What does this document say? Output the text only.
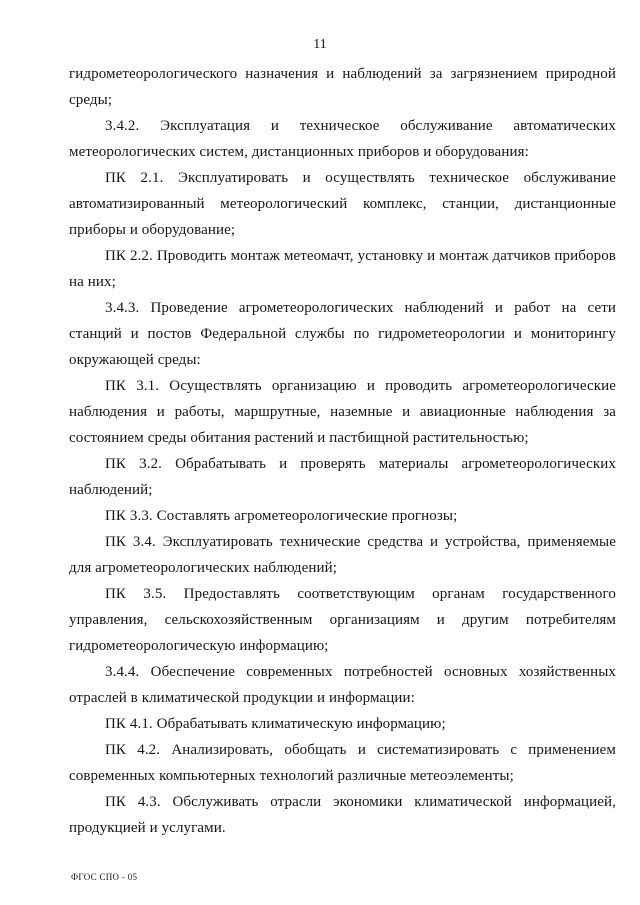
11

гидрометеорологического назначения и наблюдений за загрязнением природной среды;

3.4.2. Эксплуатация и техническое обслуживание автоматических метеорологических систем, дистанционных приборов и оборудования:

ПК 2.1. Эксплуатировать и осуществлять техническое обслуживание автоматизированный метеорологический комплекс, станции, дистанционные приборы и оборудование;

ПК 2.2. Проводить монтаж метеомачт, установку и монтаж датчиков приборов на них;

3.4.3. Проведение агрометеорологических наблюдений и работ на сети станций и постов Федеральной службы по гидрометеорологии и мониторингу окружающей среды:

ПК 3.1. Осуществлять организацию и проводить агрометеорологические наблюдения и работы, маршрутные, наземные и авиационные наблюдения за состоянием среды обитания растений и пастбищной растительностью;

ПК 3.2. Обрабатывать и проверять материалы агрометеорологических наблюдений;

ПК 3.3. Составлять агрометеорологические прогнозы;

ПК 3.4. Эксплуатировать технические средства и устройства, применяемые для агрометеорологических наблюдений;

ПК 3.5. Предоставлять соответствующим органам государственного управления, сельскохозяйственным организациям и другим потребителям гидрометеорологическую информацию;

3.4.4. Обеспечение современных потребностей основных хозяйственных отраслей в климатической продукции и информации:

ПК 4.1. Обрабатывать климатическую информацию;

ПК 4.2. Анализировать, обобщать и систематизировать с применением современных компьютерных технологий различные метеоэлементы;

ПК 4.3. Обслуживать отрасли экономики климатической информацией, продукцией и услугами.

ФГОС СПО - 05
